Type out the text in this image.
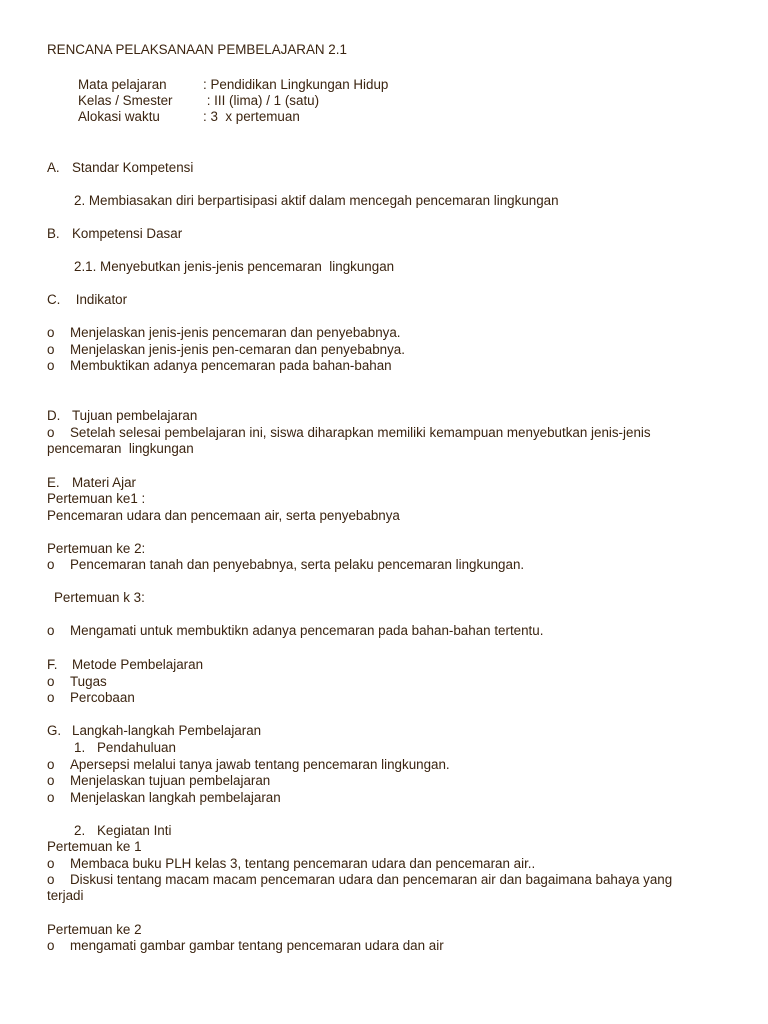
RENCANA PELAKSANAAN PEMBELAJARAN 2.1
Mata pelajaran	: Pendidikan Lingkungan Hidup
Kelas / Smester : III (lima) / 1 (satu)
Alokasi waktu	: 3  x pertemuan
A. Standar Kompetensi
2. Membiasakan diri berpartisipasi aktif dalam mencegah pencemaran lingkungan
B. Kompetensi Dasar
2.1. Menyebutkan jenis-jenis pencemaran  lingkungan
C. Indikator
o Menjelaskan jenis-jenis pencemaran dan penyebabnya.
o Menjelaskan jenis-jenis pen-cemaran dan penyebabnya.
o Membuktikan adanya pencemaran pada bahan-bahan
D. Tujuan pembelajaran
o Setelah selesai pembelajaran ini, siswa diharapkan memiliki kemampuan menyebutkan jenis-jenis
pencemaran  lingkungan
E. Materi Ajar
Pertemuan ke1 :
Pencemaran udara dan pencemaan air, serta penyebabnya
Pertemuan ke 2:
o Pencemaran tanah dan penyebabnya, serta pelaku pencemaran lingkungan.
Pertemuan k 3:
o Mengamati untuk membuktikn adanya pencemaran pada bahan-bahan tertentu.
F. Metode Pembelajaran
o Tugas
o Percobaan
G. Langkah-langkah Pembelajaran
1. Pendahuluan
o Apersepsi melalui tanya jawab tentang pencemaran lingkungan.
o Menjelaskan tujuan pembelajaran
o Menjelaskan langkah pembelajaran
2. Kegiatan Inti
Pertemuan ke 1
o Membaca buku PLH kelas 3, tentang pencemaran udara dan pencemaran air..
o Diskusi tentang macam macam pencemaran udara dan pencemaran air dan bagaimana bahaya yang
terjadi
Pertemuan ke 2
o mengamati gambar gambar tentang pencemaran udara dan air
